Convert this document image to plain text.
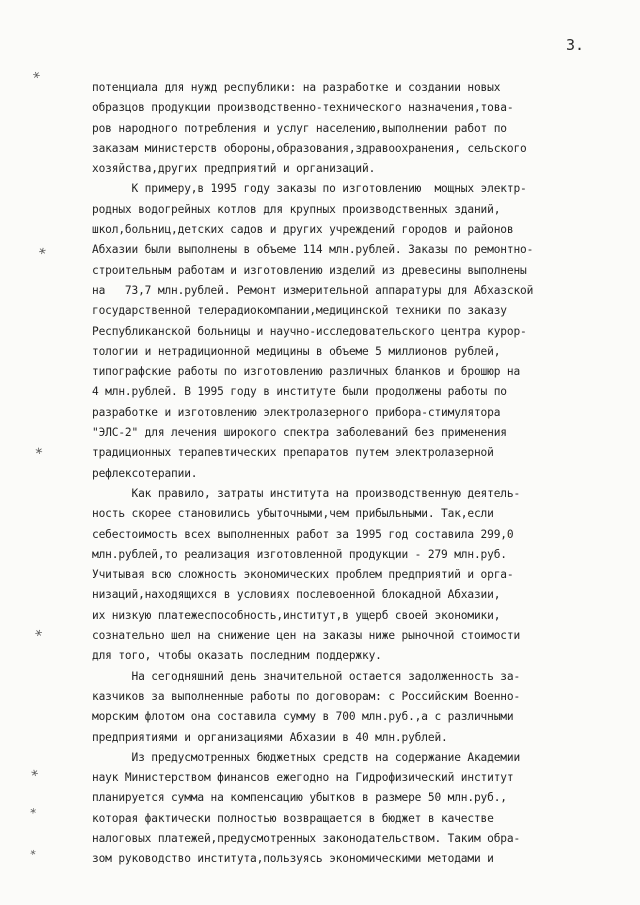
3.
*
*
*
*
*
*
*
потенциала для нужд республики: на разработке и создании новых
образцов продукции производственно-технического назначения,това-
ров народного потребления и услуг населению,выполнении работ по
заказам министерств обороны,образования,здравоохранения, сельского
хозяйства,других предприятий и организаций.
К примеру,в 1995 году заказы по изготовлению  мощных электр-
родных водогрейных котлов для крупных производственных зданий,
школ,больниц,детских садов и других учреждений городов и районов
Абхазии были выполнены в объеме 114 млн.рублей. Заказы по ремонтно-
строительным работам и изготовлению изделий из древесины выполнены
на   73,7 млн.рублей. Ремонт измерительной аппаратуры для Абхазской
государственной телерадиокомпании,медицинской техники по заказу
Республиканской больницы и научно-исследовательского центра курор-
тологии и нетрадиционной медицины в объеме 5 миллионов рублей,
типографские работы по изготовлению различных бланков и брошюр на
4 млн.рублей. В 1995 году в институте были продолжены работы по
разработке и изготовлению электролазерного прибора-стимулятора
"ЭЛС-2" для лечения широкого спектра заболеваний без применения
традиционных терапевтических препаратов путем электролазерной
рефлексотерапии.
Как правило, затраты института на производственную деятель-
ность скорее становились убыточными,чем прибыльными. Так,если
себестоимость всех выполненных работ за 1995 год составила 299,0
млн.рублей,то реализация изготовленной продукции - 279 млн.руб.
Учитывая всю сложность экономических проблем предприятий и орга-
низаций,находящихся в условиях послевоенной блокадной Абхазии,
их низкую платежеспособность,институт,в ущерб своей экономики,
сознательно шел на снижение цен на заказы ниже рыночной стоимости
для того, чтобы оказать последним поддержку.
На сегодняшний день значительной остается задолженность за-
казчиков за выполненные работы по договорам: с Российским Военно-
морским флотом она составила сумму в 700 млн.руб.,а с различными
предприятиями и организациями Абхазии в 40 млн.рублей.
Из предусмотренных бюджетных средств на содержание Академии
наук Министерством финансов ежегодно на Гидрофизический институт
планируется сумма на компенсацию убытков в размере 50 млн.руб.,
которая фактически полностью возвращается в бюджет в качестве
налоговых платежей,предусмотренных законодательством. Таким обра-
зом руководство института,пользуясь экономическими методами и
